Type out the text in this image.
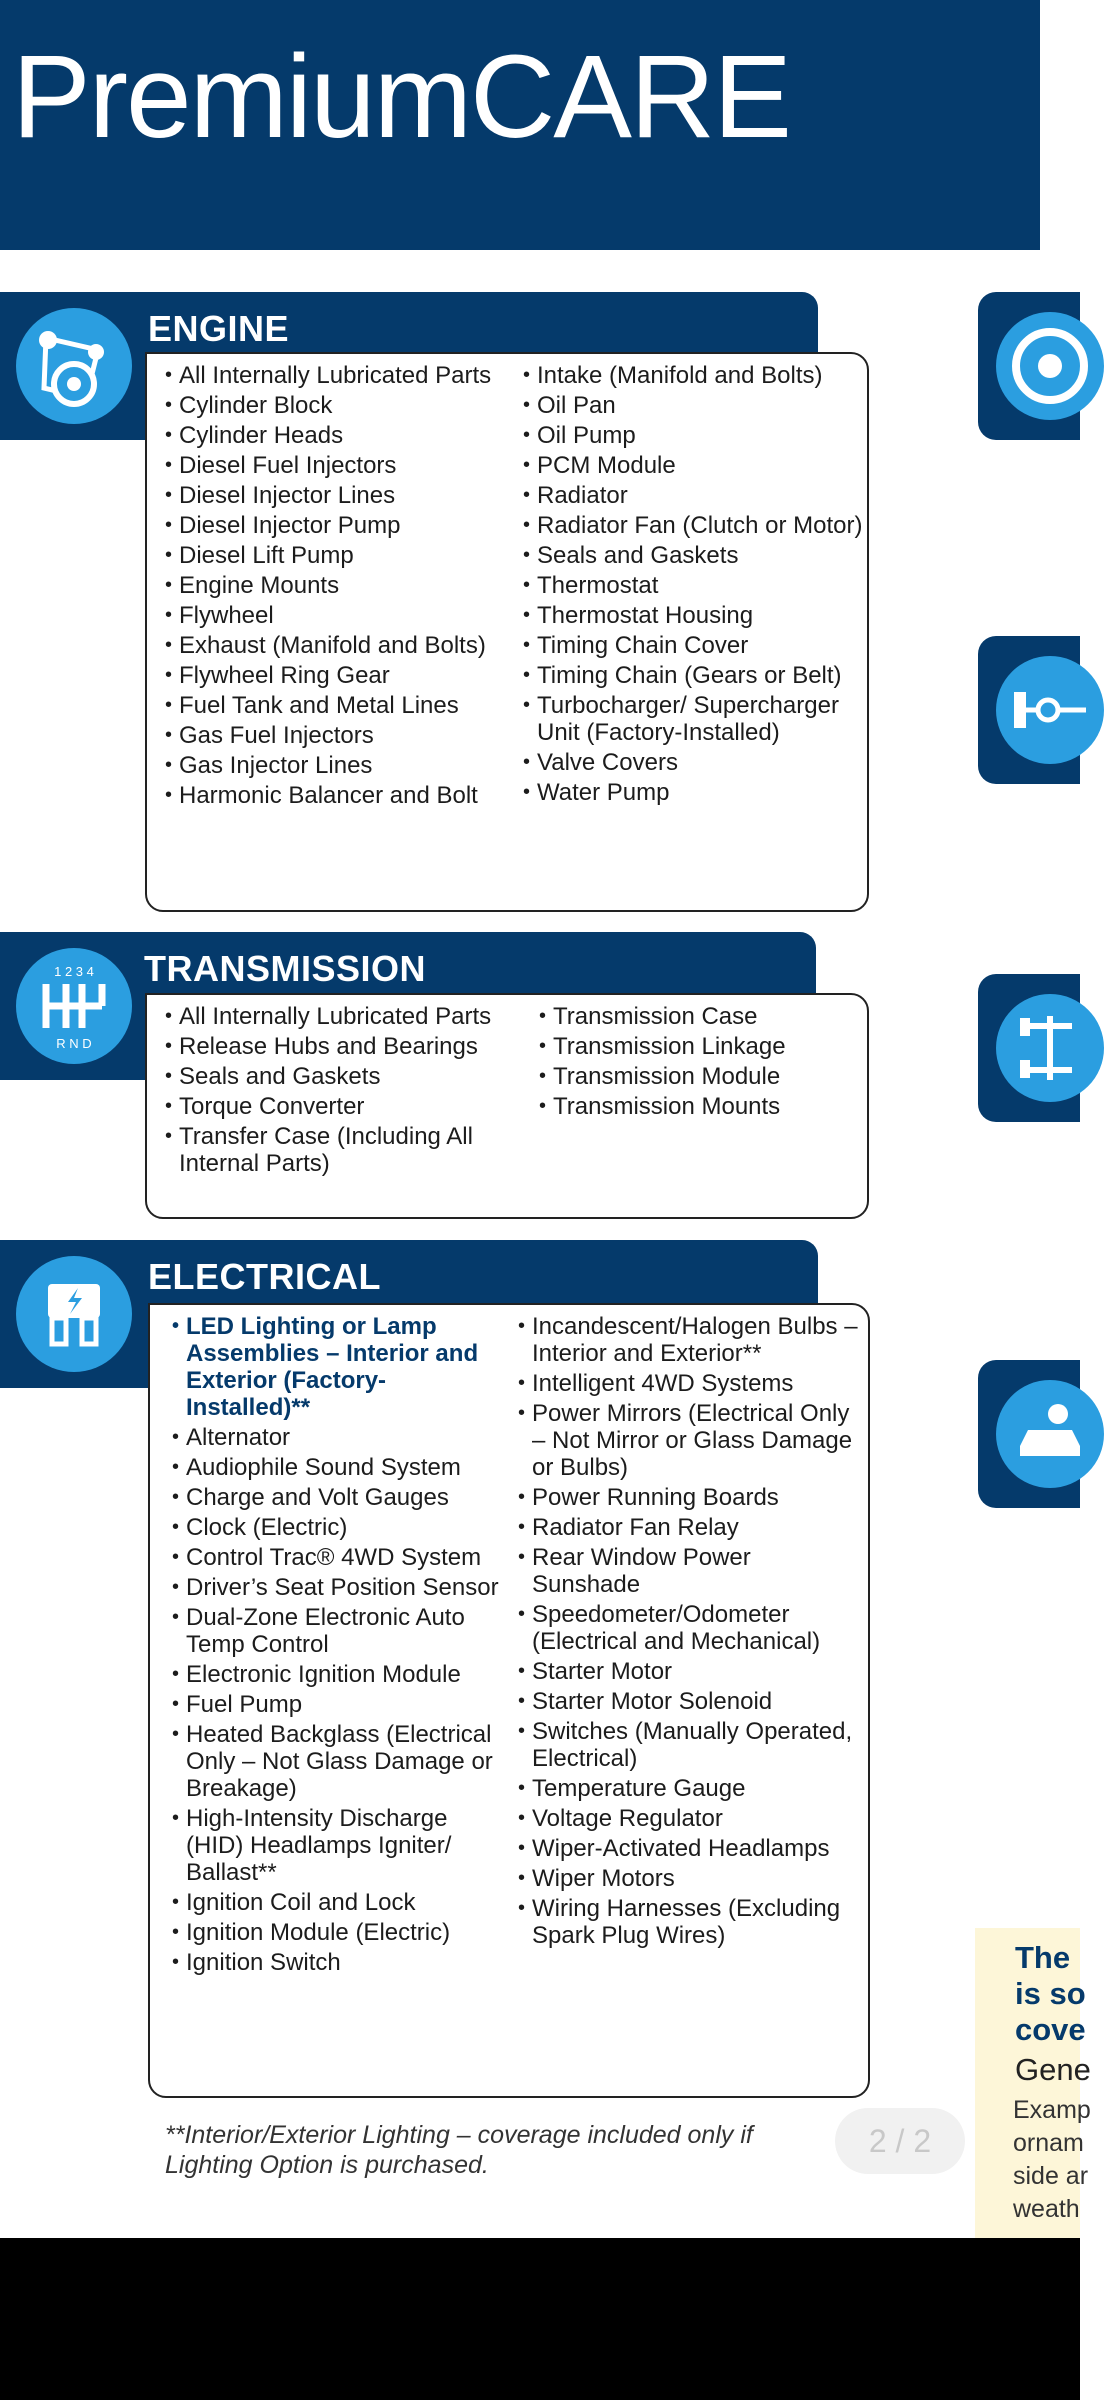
PremiumCARE
ENGINE
• All Internally Lubricated Parts
• Cylinder Block
• Cylinder Heads
• Diesel Fuel Injectors
• Diesel Injector Lines
• Diesel Injector Pump
• Diesel Lift Pump
• Engine Mounts
• Flywheel
• Exhaust (Manifold and Bolts)
• Flywheel Ring Gear
• Fuel Tank and Metal Lines
• Gas Fuel Injectors
• Gas Injector Lines
• Harmonic Balancer and Bolt
• Intake (Manifold and Bolts)
• Oil Pan
• Oil Pump
• PCM Module
• Radiator
• Radiator Fan (Clutch or Motor)
• Seals and Gaskets
• Thermostat
• Thermostat Housing
• Timing Chain Cover
• Timing Chain (Gears or Belt)
• Turbocharger/ Supercharger Unit (Factory-Installed)
• Valve Covers
• Water Pump
1 2 3 4
R N D
TRANSMISSION
• All Internally Lubricated Parts
• Release Hubs and Bearings
• Seals and Gaskets
• Torque Converter
• Transfer Case (Including All Internal Parts)
• Transmission Case
• Transmission Linkage
• Transmission Module
• Transmission Mounts
ELECTRICAL
• LED Lighting or Lamp Assemblies – Interior and Exterior (Factory-Installed)**
• Alternator
• Audiophile Sound System
• Charge and Volt Gauges
• Clock (Electric)
• Control Trac® 4WD System
• Driver’s Seat Position Sensor
• Dual-Zone Electronic Auto Temp Control
• Electronic Ignition Module
• Fuel Pump
• Heated Backglass (Electrical Only – Not Glass Damage or Breakage)
• High-Intensity Discharge (HID) Headlamps Igniter/ Ballast**
• Ignition Coil and Lock
• Ignition Module (Electric)
• Ignition Switch
• Incandescent/Halogen Bulbs – Interior and Exterior**
• Intelligent 4WD Systems
• Power Mirrors (Electrical Only – Not Mirror or Glass Damage or Bulbs)
• Power Running Boards
• Radiator Fan Relay
• Rear Window Power Sunshade
• Speedometer/Odometer (Electrical and Mechanical)
• Starter Motor
• Starter Motor Solenoid
• Switches (Manually Operated, Electrical)
• Temperature Gauge
• Voltage Regulator
• Wiper-Activated Headlamps
• Wiper Motors
• Wiring Harnesses (Excluding Spark Plug Wires)
The
is so
cove
Gene
Examp
ornam
side ar
weath
**Interior/Exterior Lighting – coverage included only if Lighting Option is purchased.
2 / 2
